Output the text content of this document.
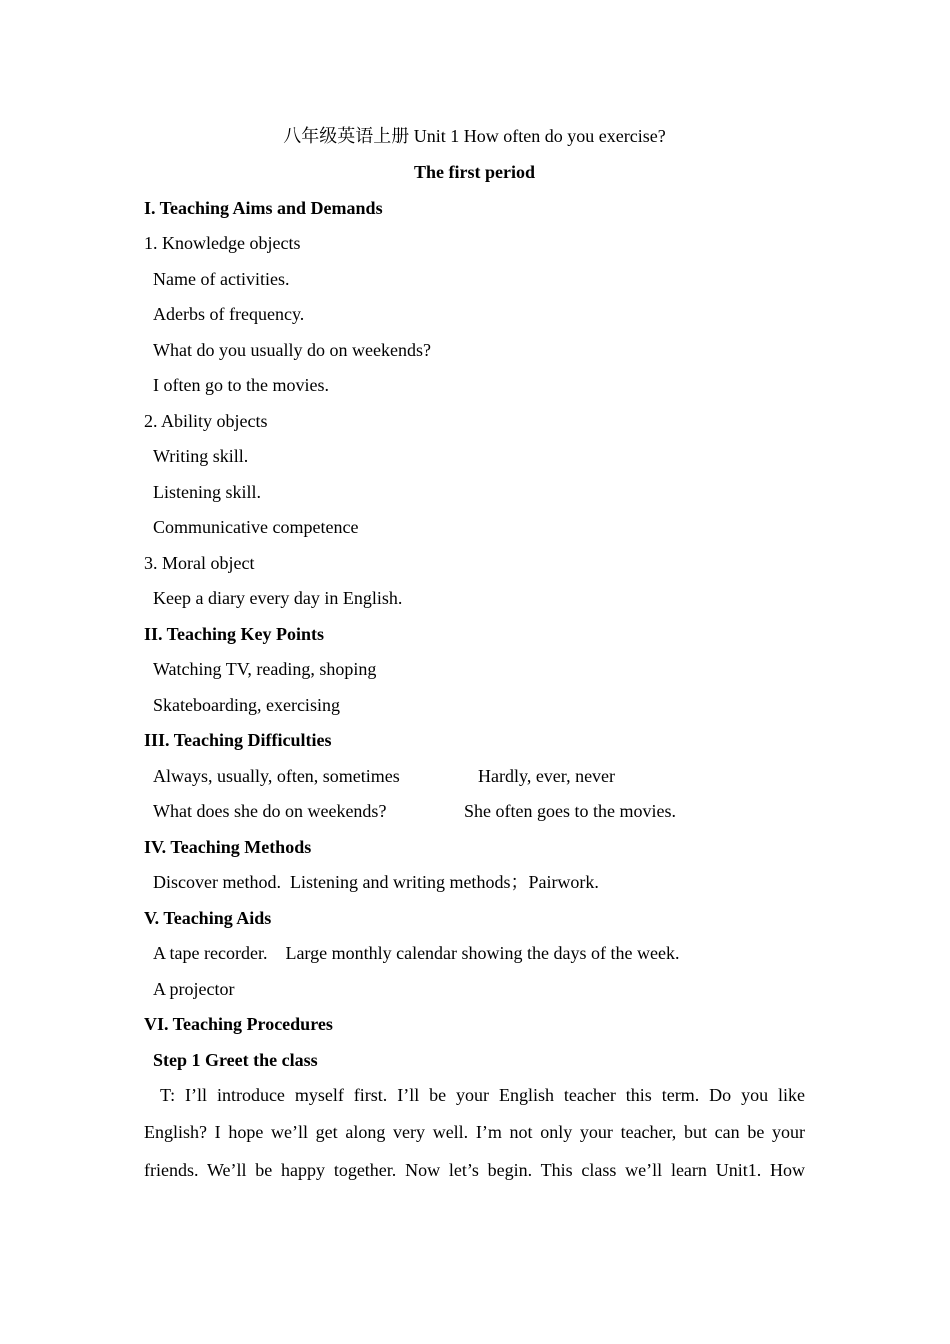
八年级英语上册 Unit 1 How often do you exercise?
The first period
I. Teaching Aims and Demands
1. Knowledge objects
Name of activities.
Aderbs of frequency.
What do you usually do on weekends?
I often go to the movies.
2. Ability objects
Writing skill.
Listening skill.
Communicative competence
3. Moral object
Keep a diary every day in English.
II. Teaching Key Points
Watching TV, reading, shoping
Skateboarding, exercising
III. Teaching Difficulties
Always, usually, often, sometimes	Hardly, ever, never
What does she do on weekends?	She often goes to the movies.
IV. Teaching Methods
Discover method.  Listening and writing methods；Pairwork.
V. Teaching Aids
A tape recorder.    Large monthly calendar showing the days of the week.
A projector
VI. Teaching Procedures
Step 1 Greet the class
T: I’ll introduce myself first. I’ll be your English teacher this term. Do you like
English? I hope we’ll get along very well. I’m not only your teacher, but can be your
friends. We’ll be happy together. Now let’s begin. This class we’ll learn Unit1. How
